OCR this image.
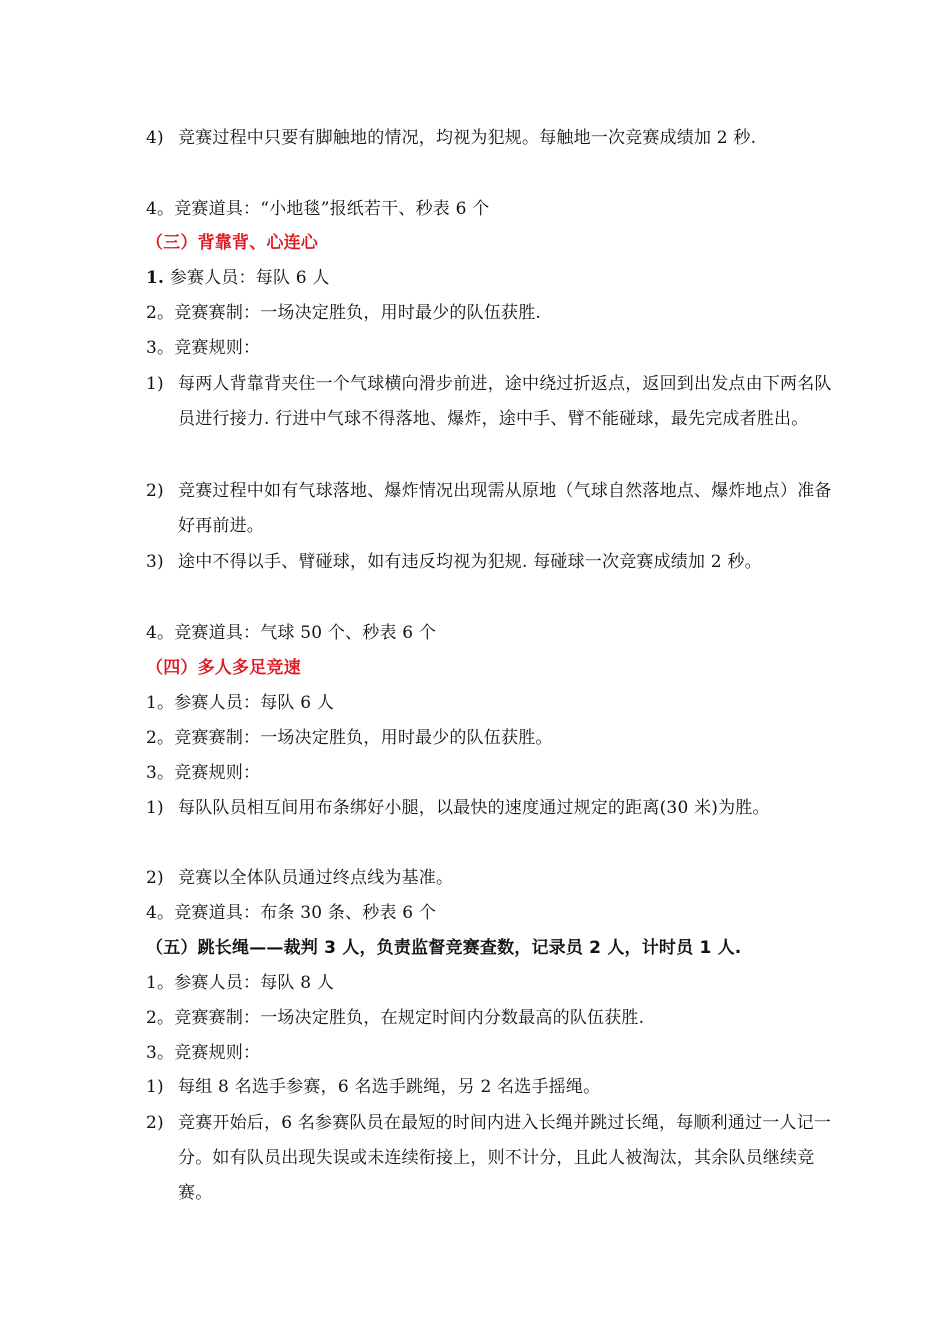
4) 竞赛过程中只要有脚触地的情况，均视为犯规。每触地一次竞赛成绩加 2 秒.
4。竞赛道具：“小地毯”报纸若干、秒表 6 个
（三）背靠背、心连心
1. 参赛人员：每队 6 人
2。竞赛赛制：一场决定胜负，用时最少的队伍获胜.
3。竞赛规则：
1) 每两人背靠背夹住一个气球横向滑步前进，途中绕过折返点，返回到出发点由下两名队员进行接力. 行进中气球不得落地、爆炸，途中手、臂不能碰球，最先完成者胜出。
2) 竞赛过程中如有气球落地、爆炸情况出现需从原地（气球自然落地点、爆炸地点）准备好再前进。
3) 途中不得以手、臂碰球，如有违反均视为犯规. 每碰球一次竞赛成绩加 2 秒。
4。竞赛道具：气球 50 个、秒表 6 个
（四）多人多足竞速
1。参赛人员：每队 6 人
2。竞赛赛制：一场决定胜负，用时最少的队伍获胜。
3。竞赛规则：
1) 每队队员相互间用布条绑好小腿，以最快的速度通过规定的距离(30 米)为胜。
2) 竞赛以全体队员通过终点线为基准。
4。竞赛道具：布条 30 条、秒表 6 个
（五）跳长绳——裁判 3 人，负责监督竞赛查数，记录员 2 人，计时员 1 人.
1。参赛人员：每队 8 人
2。竞赛赛制：一场决定胜负，在规定时间内分数最高的队伍获胜.
3。竞赛规则：
1) 每组 8 名选手参赛，6 名选手跳绳，另 2 名选手摇绳。
2) 竞赛开始后，6 名参赛队员在最短的时间内进入长绳并跳过长绳，每顺利通过一人记一分。如有队员出现失误或未连续衔接上，则不计分，且此人被淘汰，其余队员继续竞赛。
